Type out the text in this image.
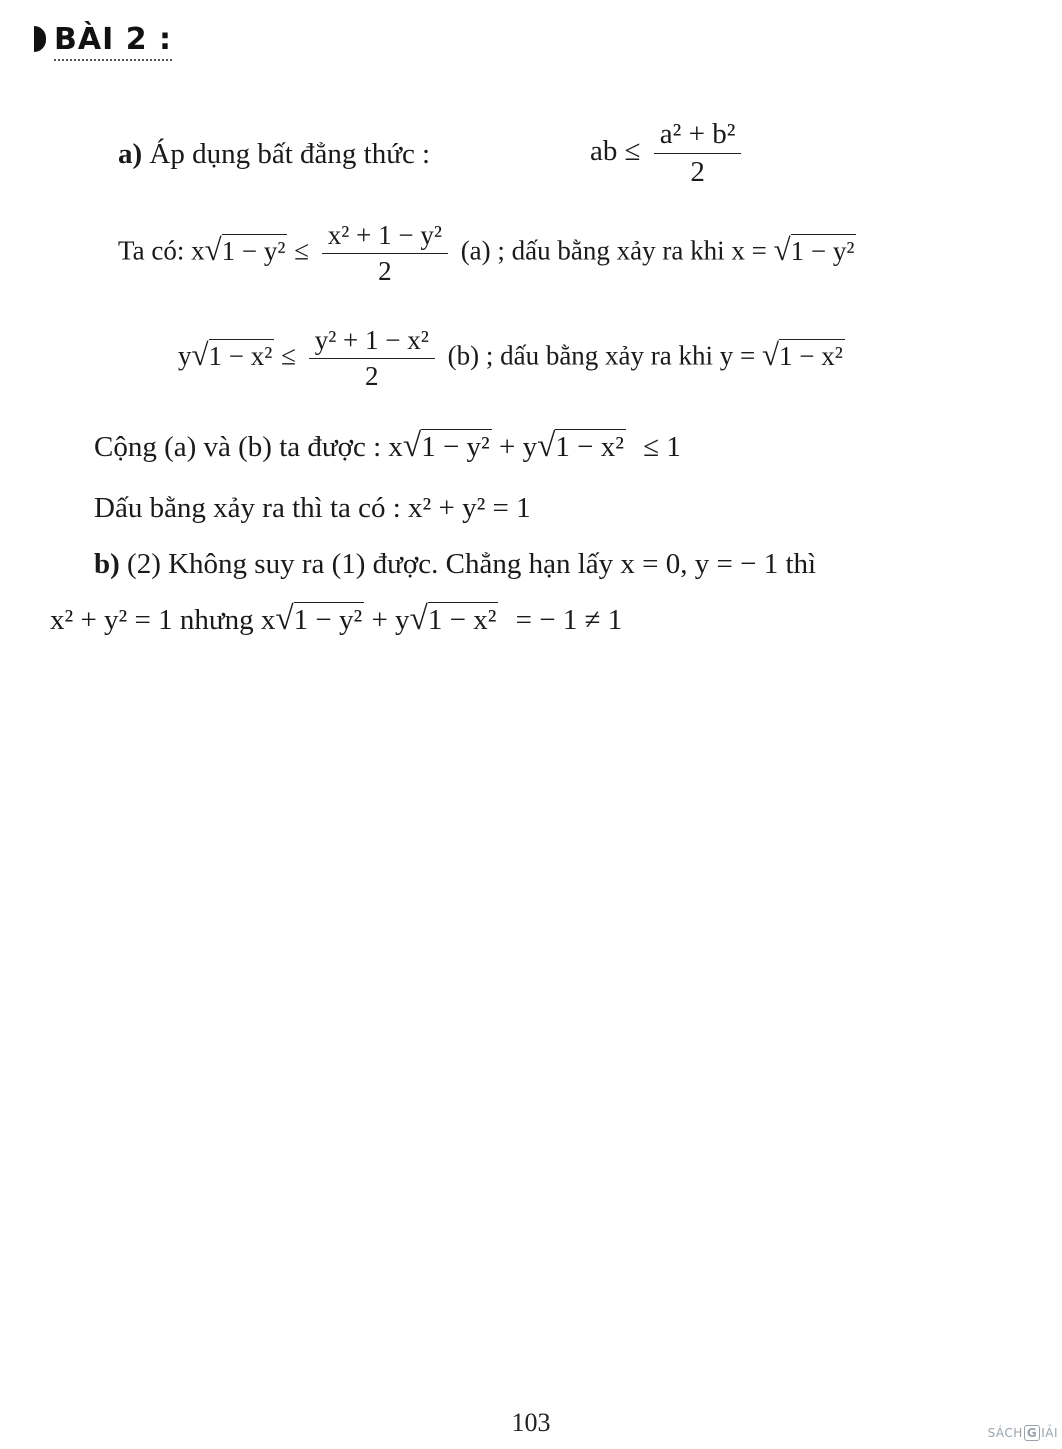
BÀI 2 :
a) Áp dụng bất đẳng thức :	ab ≤ $\frac{\text{a² + b²}}{2}$
Ta có: $x√1 - y^2 \le \frac{\text{x² + 1 − y²}}{2} (a)$ ; dấu bằng xảy ra khi x = √1 − y²
$y√1 - x^2 \le \frac{\text{y² + 1 − x²}}{2} (b)$ ; dấu bằng xảy ra khi y = √1 − x²
Cộng (a) và (b) ta được : x√1 − y² + y√1 − x² ≤ 1
Dấu bằng xảy ra thì ta có : x² + y² = 1
b) (2) Không suy ra (1) được. Chẳng hạn lấy x = 0, y = − 1 thì
x² + y² = 1 nhưng x√1 − y² + y√1 − x² = − 1 ≠ 1
103	SÁCH G IẢI
